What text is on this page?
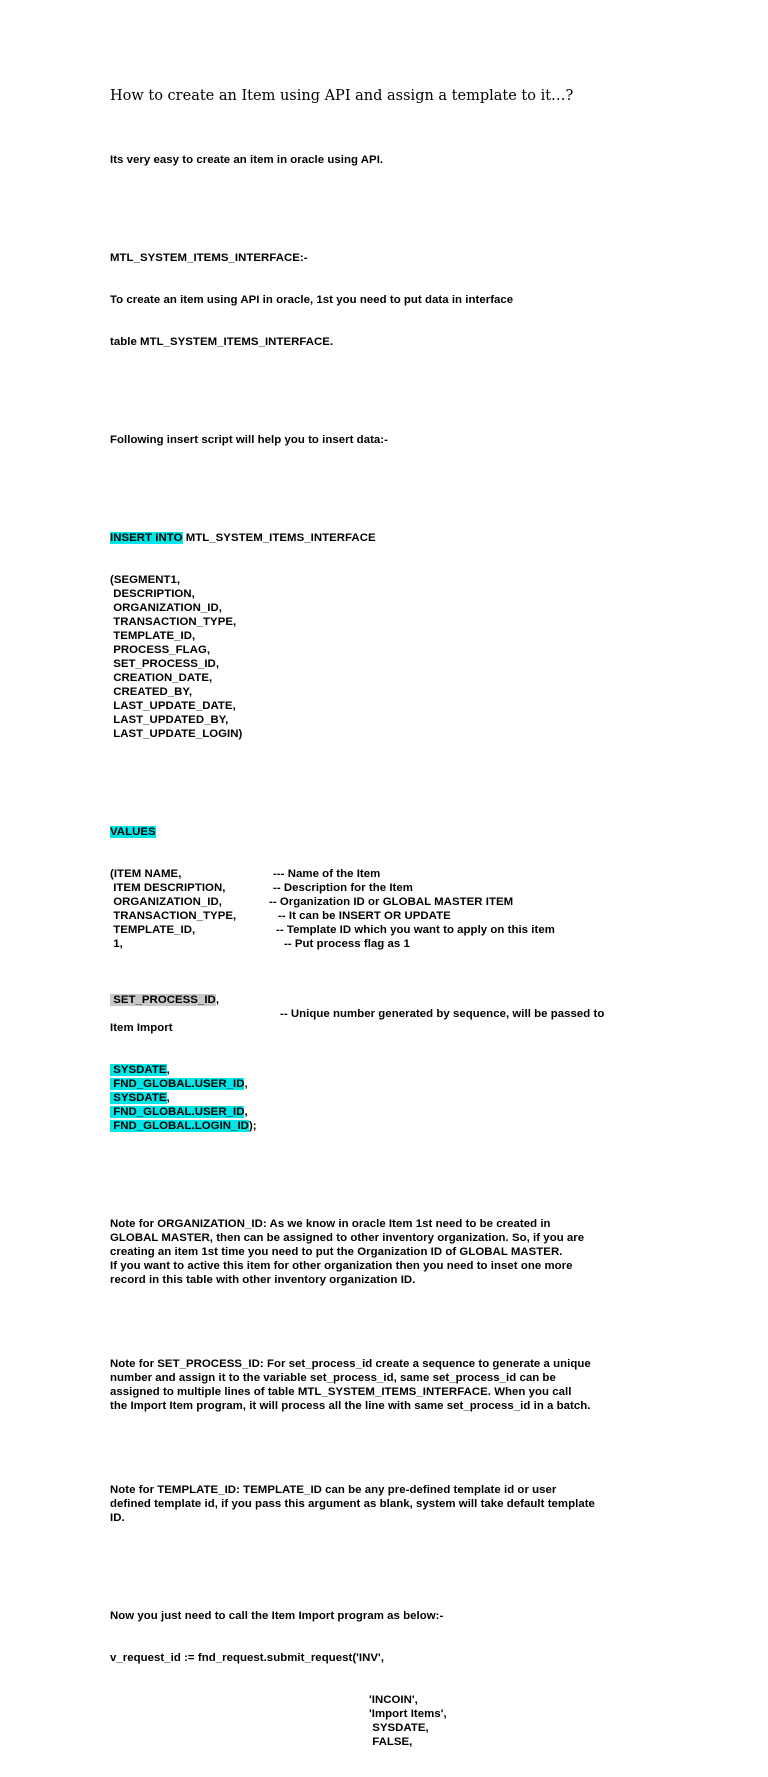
How to create an Item using API and assign a template to it…?

Its very easy to create an item in oracle using API.

MTL_SYSTEM_ITEMS_INTERFACE:-

To create an item using API in oracle, 1st you need to put data in interface

table MTL_SYSTEM_ITEMS_INTERFACE.

Following insert script will help you to insert data:-

INSERT INTO MTL_SYSTEM_ITEMS_INTERFACE

(SEGMENT1,
DESCRIPTION,
ORGANIZATION_ID,
TRANSACTION_TYPE,
TEMPLATE_ID,
PROCESS_FLAG,
SET_PROCESS_ID,
CREATION_DATE,
CREATED_BY,
LAST_UPDATE_DATE,
LAST_UPDATED_BY,
LAST_UPDATE_LOGIN)

VALUES

(ITEM NAME,	--- Name of the Item
ITEM DESCRIPTION,	-- Description for the Item
ORGANIZATION_ID,	-- Organization ID or GLOBAL MASTER ITEM
TRANSACTION_TYPE,	-- It can be INSERT OR UPDATE
TEMPLATE_ID,	-- Template ID which you want to apply on this item
1,	-- Put process flag as 1

SET_PROCESS_ID,

-- Unique number generated by sequence, will be passed to

Item Import

SYSDATE,
FND_GLOBAL.USER_ID,
SYSDATE,
FND_GLOBAL.USER_ID,
FND_GLOBAL.LOGIN_ID);

Note for ORGANIZATION_ID: As we know in oracle Item 1st need to be created in
GLOBAL MASTER, then can be assigned to other inventory organization. So, if you are
creating an item 1st time you need to put the Organization ID of GLOBAL MASTER.
If you want to active this item for other organization then you need to inset one more
record in this table with other inventory organization ID.

Note for SET_PROCESS_ID: For set_process_id create a sequence to generate a unique
number and assign it to the variable set_process_id, same set_process_id can be
assigned to multiple lines of table MTL_SYSTEM_ITEMS_INTERFACE. When you call
the Import Item program, it will process all the line with same set_process_id in a batch.

Note for TEMPLATE_ID: TEMPLATE_ID can be any pre-defined template id or user
defined template id, if you pass this argument as blank, system will take default template
ID.

Now you just need to call the Item Import program as below:-

v_request_id := fnd_request.submit_request('INV',

'INCOIN',
'Import Items',
SYSDATE,
FALSE,
